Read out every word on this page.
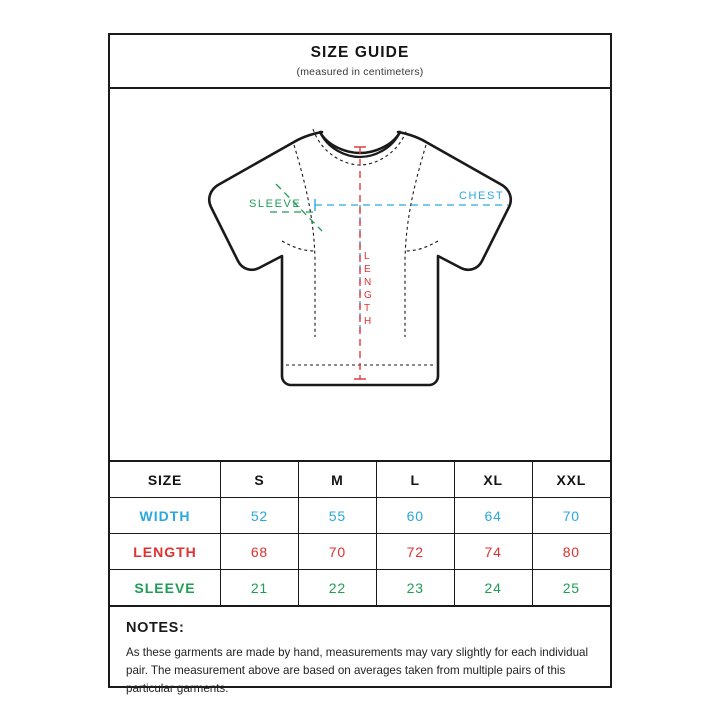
SIZE GUIDE
(measured in centimeters)
CHEST
L
E
N
G
T
H
SLEEVE
SIZE	S	M	L	XL	XXL
WIDTH	52	55	60	64	70
LENGTH	68	70	72	74	80
SLEEVE	21	22	23	24	25
NOTES:
As these garments are made by hand, measurements may vary slightly for each individual pair. The measurement above are based on averages taken from multiple pairs of this particular garments.
